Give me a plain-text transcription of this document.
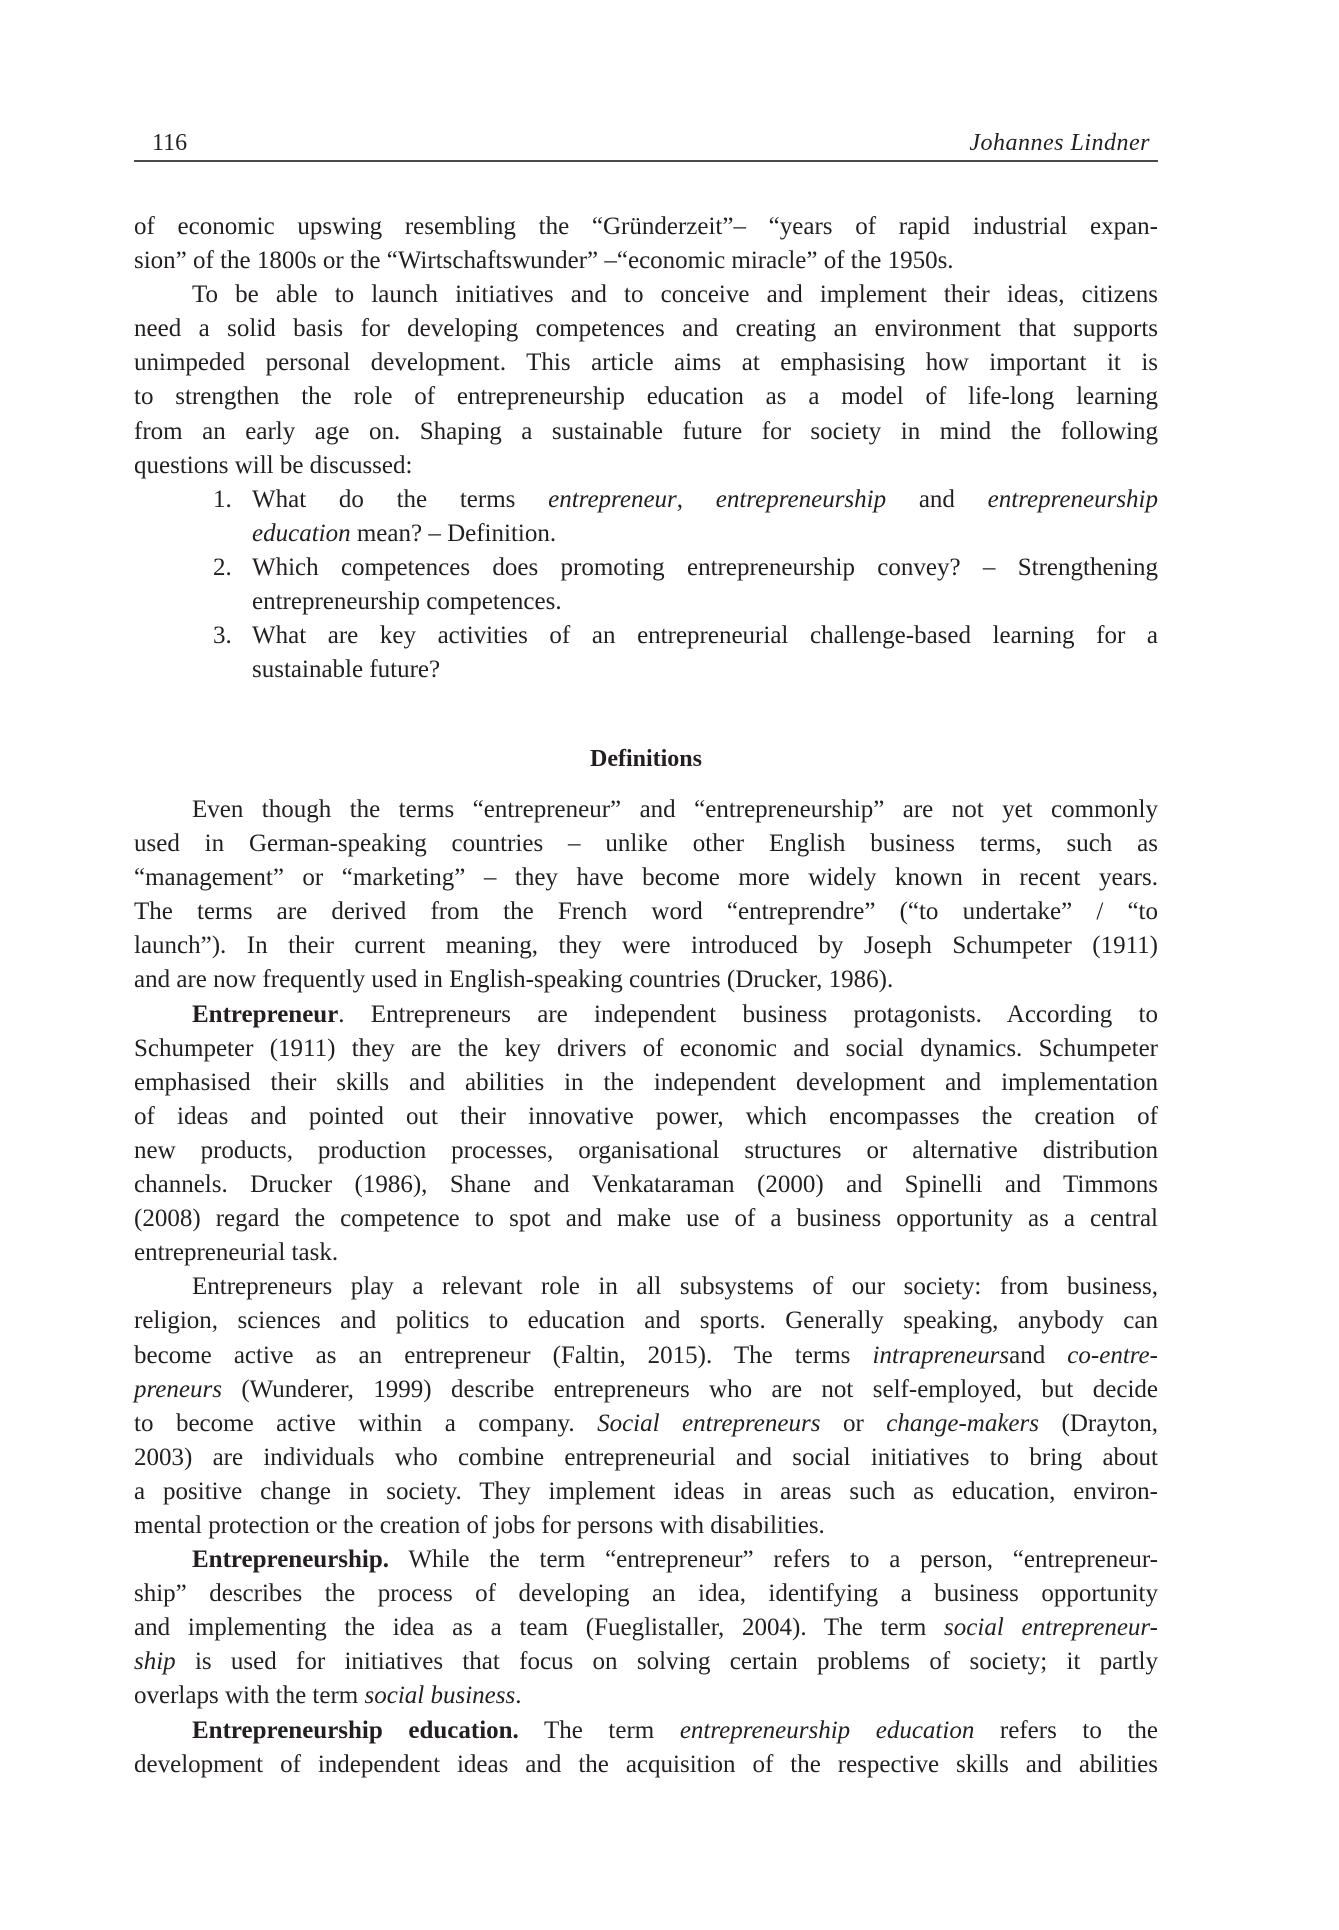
116	Johannes Lindner
of economic upswing resembling the “Gründerzeit”– “years of rapid industrial expan-
sion” of the 1800s or the “Wirtschaftswunder” –“economic miracle” of the 1950s.
To be able to launch initiatives and to conceive and implement their ideas, citizens
need a solid basis for developing competences and creating an environment that supports
unimpeded personal development. This article aims at emphasising how important it is
to strengthen the role of entrepreneurship education as a model of life-long learning
from an early age on. Shaping a sustainable future for society in mind the following
questions will be discussed:
1. What do the terms entrepreneur, entrepreneurship and entrepreneurship
education mean? – Definition.
2. Which competences does promoting entrepreneurship convey? – Strengthening
entrepreneurship competences.
3. What are key activities of an entrepreneurial challenge-based learning for a
sustainable future?
Definitions
Even though the terms “entrepreneur” and “entrepreneurship” are not yet commonly
used in German-speaking countries – unlike other English business terms, such as
“management” or “marketing” – they have become more widely known in recent years.
The terms are derived from the French word “entreprendre” (“to undertake” / “to
launch”). In their current meaning, they were introduced by Joseph Schumpeter (1911)
and are now frequently used in English-speaking countries (Drucker, 1986).
Entrepreneur. Entrepreneurs are independent business protagonists. According to
Schumpeter (1911) they are the key drivers of economic and social dynamics. Schumpeter
emphasised their skills and abilities in the independent development and implementation
of ideas and pointed out their innovative power, which encompasses the creation of
new products, production processes, organisational structures or alternative distribution
channels. Drucker (1986), Shane and Venkataraman (2000) and Spinelli and Timmons
(2008) regard the competence to spot and make use of a business opportunity as a central
entrepreneurial task.
Entrepreneurs play a relevant role in all subsystems of our society: from business,
religion, sciences and politics to education and sports. Generally speaking, anybody can
become active as an entrepreneur (Faltin, 2015). The terms intrapreneursand co-entre-
preneurs (Wunderer, 1999) describe entrepreneurs who are not self-employed, but decide
to become active within a company. Social entrepreneurs or change-makers (Drayton,
2003) are individuals who combine entrepreneurial and social initiatives to bring about
a positive change in society. They implement ideas in areas such as education, environ-
mental protection or the creation of jobs for persons with disabilities.
Entrepreneurship. While the term “entrepreneur” refers to a person, “entrepreneur-
ship” describes the process of developing an idea, identifying a business opportunity
and implementing the idea as a team (Fueglistaller, 2004). The term social entrepreneur-
ship is used for initiatives that focus on solving certain problems of society; it partly
overlaps with the term social business.
Entrepreneurship education. The term entrepreneurship education refers to the
development of independent ideas and the acquisition of the respective skills and abilities
